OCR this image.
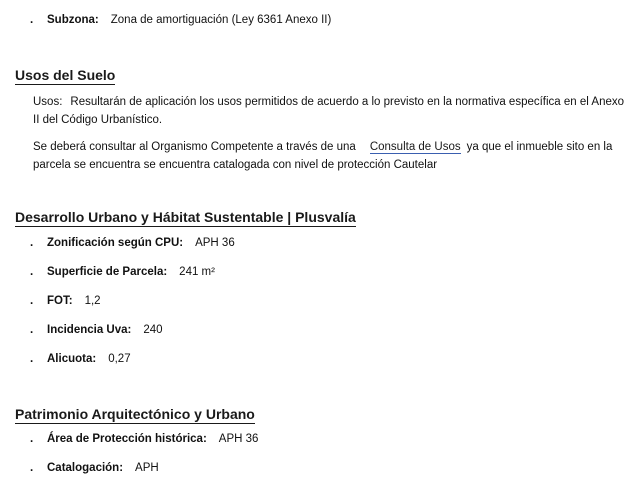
.	Subzona: Zona de amortiguación (Ley 6361 Anexo II)
Usos del Suelo

Usos: Resultarán de aplicación los usos permitidos de acuerdo a lo previsto en la normativa específica en el Anexo II del Código Urbanístico.

Se deberá consultar al Organismo Competente a través de una Consulta de Usos ya que el inmueble sito en la parcela se encuentra se encuentra catalogada con nivel de protección Cautelar

Desarrollo Urbano y Hábitat Sustentable | Plusvalía
.	Zonificación según CPU: APH 36
.	Superficie de Parcela: 241 m²
.	FOT: 1,2
.	Incidencia Uva: 240
.	Alicuota: 0,27
Patrimonio Arquitectónico y Urbano
.	Área de Protección histórica: APH 36
.	Catalogación: APH
